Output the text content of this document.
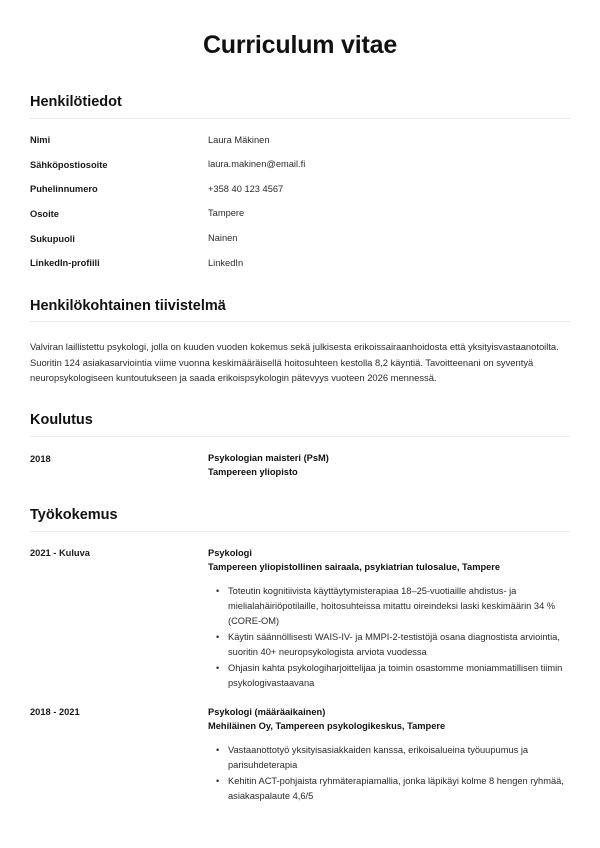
Curriculum vitae
Henkilötiedot
Nimi	Laura Mäkinen
Sähköpostiosoite	laura.makinen@email.fi
Puhelinnumero	+358 40 123 4567
Osoite	Tampere
Sukupuoli	Nainen
LinkedIn-profiili	LinkedIn
Henkilökohtainen tiivistelmä

Valviran laillistettu psykologi, jolla on kuuden vuoden kokemus sekä julkisesta erikoissairaanhoidosta että yksityisvastaanotoilta. Suoritin 124 asiakasarviointia viime vuonna keskimääräisellä hoitosuhteen kestolla 8,2 käyntiä. Tavoitteenani on syventyä neuropsykologiseen kuntoutukseen ja saada erikoispsykologin pätevyys vuoteen 2026 mennessä.

Koulutus
2018	Psykologian maisteri (PsM)
Tampereen yliopisto
Työkokemus
2021 - Kuluva	Psykologi
Tampereen yliopistollinen sairaala, psykiatrian tulosalue, Tampere
• Toteutin kognitiivista käyttäytymisterapiaa 18–25-vuotiaille ahdistus- ja mielialahäiriöpotilaille, hoitosuhteissa mitattu oireindeksi laski keskimäärin 34 % (CORE-OM)
• Käytin säännöllisesti WAIS-IV- ja MMPI-2-testistöjä osana diagnostista arviointia, suoritin 40+ neuropsykologista arviota vuodessa
• Ohjasin kahta psykologiharjoittelijaa ja toimin osastomme moniammatillisen tiimin psykologivastaavana
2018 - 2021	Psykologi (määräaikainen)
Mehiläinen Oy, Tampereen psykologikeskus, Tampere
• Vastaanottotyö yksityisasiakkaiden kanssa, erikoisalueina työuupumus ja parisuhdeterapia
• Kehitin ACT-pohjaista ryhmäterapiamallia, jonka läpikäyi kolme 8 hengen ryhmää, asiakaspalaute 4,6/5
